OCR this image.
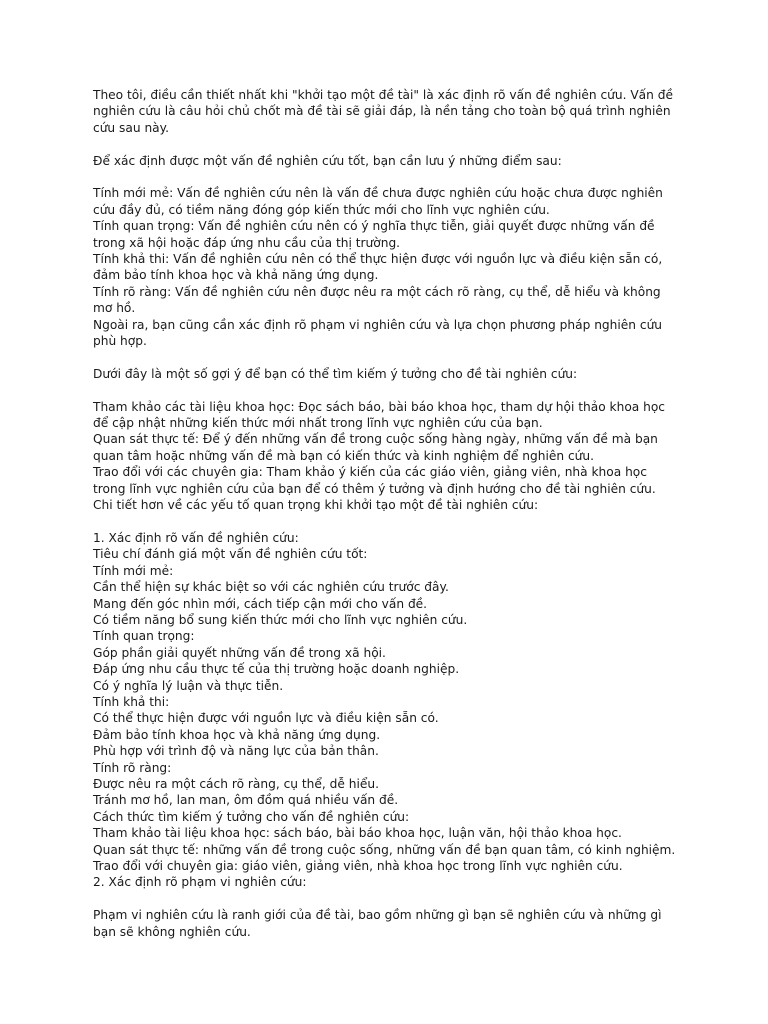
Theo tôi, điều cần thiết nhất khi "khởi tạo một đề tài" là xác định rõ vấn đề nghiên cứu. Vấn đề nghiên cứu là câu hỏi chủ chốt mà đề tài sẽ giải đáp, là nền tảng cho toàn bộ quá trình nghiên cứu sau này.

Để xác định được một vấn đề nghiên cứu tốt, bạn cần lưu ý những điểm sau:

Tính mới mẻ: Vấn đề nghiên cứu nên là vấn đề chưa được nghiên cứu hoặc chưa được nghiên cứu đầy đủ, có tiềm năng đóng góp kiến thức mới cho lĩnh vực nghiên cứu.
Tính quan trọng: Vấn đề nghiên cứu nên có ý nghĩa thực tiễn, giải quyết được những vấn đề trong xã hội hoặc đáp ứng nhu cầu của thị trường.
Tính khả thi: Vấn đề nghiên cứu nên có thể thực hiện được với nguồn lực và điều kiện sẵn có, đảm bảo tính khoa học và khả năng ứng dụng.
Tính rõ ràng: Vấn đề nghiên cứu nên được nêu ra một cách rõ ràng, cụ thể, dễ hiểu và không mơ hồ.
Ngoài ra, bạn cũng cần xác định rõ phạm vi nghiên cứu và lựa chọn phương pháp nghiên cứu phù hợp.

Dưới đây là một số gợi ý để bạn có thể tìm kiếm ý tưởng cho đề tài nghiên cứu:

Tham khảo các tài liệu khoa học: Đọc sách báo, bài báo khoa học, tham dự hội thảo khoa học để cập nhật những kiến thức mới nhất trong lĩnh vực nghiên cứu của bạn.
Quan sát thực tế: Để ý đến những vấn đề trong cuộc sống hàng ngày, những vấn đề mà bạn quan tâm hoặc những vấn đề mà bạn có kiến thức và kinh nghiệm để nghiên cứu.
Trao đổi với các chuyên gia: Tham khảo ý kiến của các giáo viên, giảng viên, nhà khoa học trong lĩnh vực nghiên cứu của bạn để có thêm ý tưởng và định hướng cho đề tài nghiên cứu.
Chi tiết hơn về các yếu tố quan trọng khi khởi tạo một đề tài nghiên cứu:
1. Xác định rõ vấn đề nghiên cứu:
Tiêu chí đánh giá một vấn đề nghiên cứu tốt:
Tính mới mẻ:
Cần thể hiện sự khác biệt so với các nghiên cứu trước đây.
Mang đến góc nhìn mới, cách tiếp cận mới cho vấn đề.
Có tiềm năng bổ sung kiến thức mới cho lĩnh vực nghiên cứu.
Tính quan trọng:
Góp phần giải quyết những vấn đề trong xã hội.
Đáp ứng nhu cầu thực tế của thị trường hoặc doanh nghiệp.
Có ý nghĩa lý luận và thực tiễn.
Tính khả thi:
Có thể thực hiện được với nguồn lực và điều kiện sẵn có.
Đảm bảo tính khoa học và khả năng ứng dụng.
Phù hợp với trình độ và năng lực của bản thân.
Tính rõ ràng:
Được nêu ra một cách rõ ràng, cụ thể, dễ hiểu.
Tránh mơ hồ, lan man, ôm đồm quá nhiều vấn đề.
Cách thức tìm kiếm ý tưởng cho vấn đề nghiên cứu:
Tham khảo tài liệu khoa học: sách báo, bài báo khoa học, luận văn, hội thảo khoa học.
Quan sát thực tế: những vấn đề trong cuộc sống, những vấn đề bạn quan tâm, có kinh nghiệm.
Trao đổi với chuyên gia: giáo viên, giảng viên, nhà khoa học trong lĩnh vực nghiên cứu.
2. Xác định rõ phạm vi nghiên cứu:

Phạm vi nghiên cứu là ranh giới của đề tài, bao gồm những gì bạn sẽ nghiên cứu và những gì bạn sẽ không nghiên cứu.
